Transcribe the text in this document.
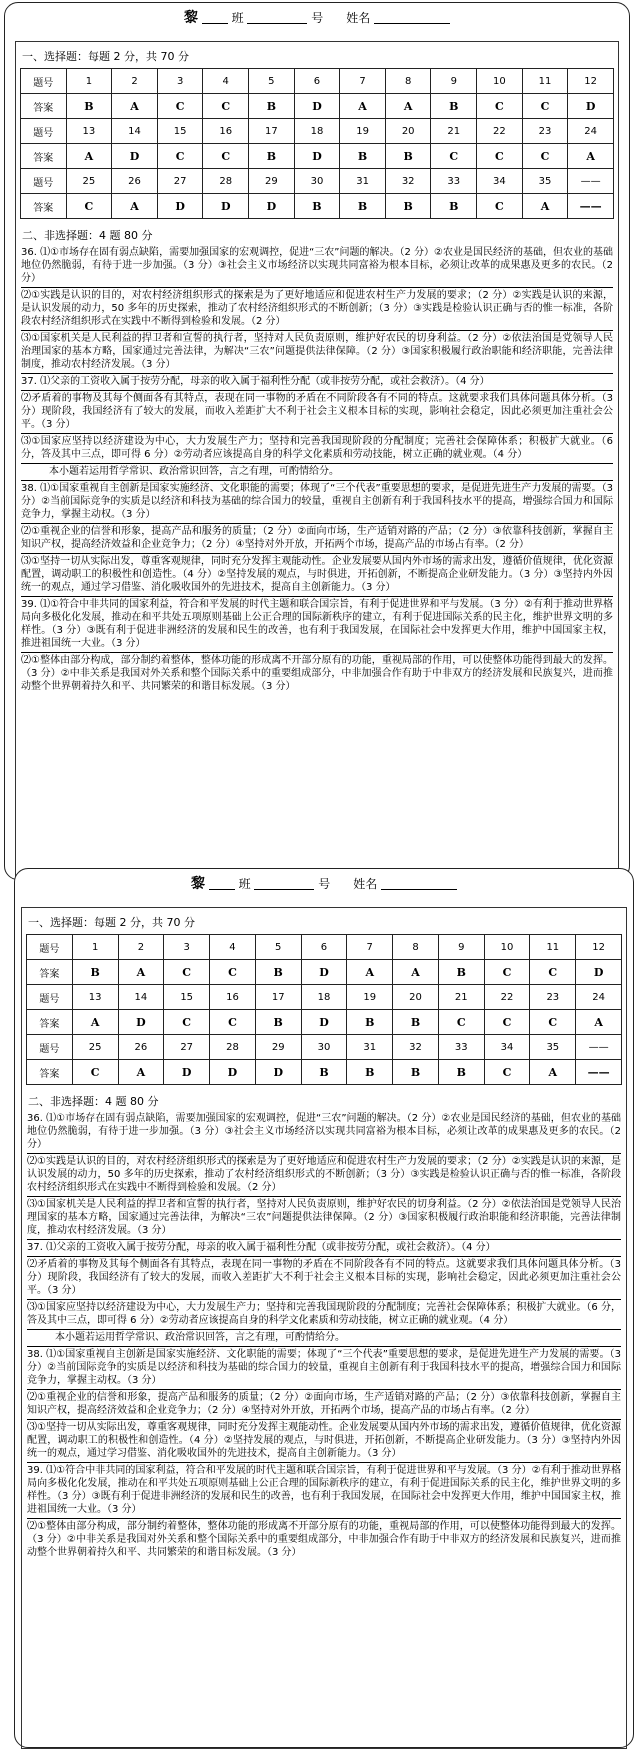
黎	班	号 姓名
一、选择题：每题 2 分，共 70 分
题号	1	2	3	4	5	6	7	8	9	10	11	12
答案	B	A	C	C	B	D	A	A	B	C	C	D
题号	13	14	15	16	17	18	19	20	21	22	23	24
答案	A	D	C	C	B	D	B	B	C	C	C	A
题号	25	26	27	28	29	30	31	32	33	34	35	——
答案	C	A	D	D	D	B	B	B	B	C	A	——
二、非选择题：4 题 80 分
36. ⑴①市场存在固有弱点缺陷，需要加强国家的宏观调控，促进“三农”问题的解决。（2 分）②农业是国民经济的基础，但农业的基础地位仍然脆弱，有待于进一步加强。（3 分）③社会主义市场经济以实现共同富裕为根本目标，必须让改革的成果惠及更多的农民。（2 分）
⑵①实践是认识的目的，对农村经济组织形式的探索是为了更好地适应和促进农村生产力发展的要求；（2 分）②实践是认识的来源，是认识发展的动力，50 多年的历史探索，推动了农村经济组织形式的不断创新；（3 分）③实践是检验认识正确与否的惟一标准，各阶段农村经济组织形式在实践中不断得到检验和发展。（2 分）
⑶①国家机关是人民利益的捍卫者和宣誓的执行者，坚持对人民负责原则，维护好农民的切身利益。（2 分）②依法治国是党领导人民治理国家的基本方略，国家通过完善法律，为解决“三农”问题提供法律保障。（2 分）③国家积极履行政治职能和经济职能，完善法律制度，推动农村经济发展。（3 分）
37. ⑴父亲的工资收入属于按劳分配，母亲的收入属于福利性分配（或非按劳分配，或社会救济）。（4 分）
⑵矛盾着的事物及其每个侧面各有其特点，表现在同一事物的矛盾在不同阶段各有不同的特点。这就要求我们具体问题具体分析。（3 分）现阶段，我国经济有了较大的发展，而收入差距扩大不利于社会主义根本目标的实现，影响社会稳定，因此必须更加注重社会公平。（3 分）
⑶①国家应坚持以经济建设为中心，大力发展生产力；坚持和完善我国现阶段的分配制度；完善社会保障体系；积极扩大就业。（6 分，答及其中三点，即可得 6 分）②劳动者应该提高自身的科学文化素质和劳动技能，树立正确的就业观。（4 分）
本小题若运用哲学常识、政治常识回答，言之有理，可酌情给分。
38. ⑴①国家重视自主创新是国家实施经济、文化职能的需要；体现了“三个代表”重要思想的要求，是促进先进生产力发展的需要。（3 分）②当前国际竞争的实质是以经济和科技为基础的综合国力的较量，重视自主创新有利于我国科技水平的提高，增强综合国力和国际竞争力，掌握主动权。（3 分）
⑵①重视企业的信誉和形象，提高产品和服务的质量；（2 分）②面向市场，生产适销对路的产品；（2 分）③依靠科技创新，掌握自主知识产权，提高经济效益和企业竞争力；（2 分）④坚持对外开放，开拓两个市场，提高产品的市场占有率。（2 分）
⑶①坚持一切从实际出发，尊重客观规律，同时充分发挥主观能动性。企业发展要从国内外市场的需求出发，遵循价值规律，优化资源配置，调动职工的积极性和创造性。（4 分）②坚持发展的观点，与时俱进，开拓创新，不断提高企业研发能力。（3 分）③坚持内外因统一的观点，通过学习借鉴、消化吸收国外的先进技术，提高自主创新能力。（3 分）
39. ⑴①符合中非共同的国家利益，符合和平发展的时代主题和联合国宗旨，有利于促进世界和平与发展。（3 分）②有利于推动世界格局向多极化化发展，推动在和平共处五项原则基础上公正合理的国际新秩序的建立，有利于促进国际关系的民主化，维护世界文明的多样性。（3 分）③既有利于促进非洲经济的发展和民生的改善，也有利于我国发展，在国际社会中发挥更大作用，维护中国国家主权，推进祖国统一大业。（3 分）
⑵①整体由部分构成，部分制约着整体，整体功能的形成离不开部分原有的功能，重视局部的作用，可以使整体功能得到最大的发挥。（3 分）②中非关系是我国对外关系和整个国际关系中的重要组成部分，中非加强合作有助于中非双方的经济发展和民族复兴，进而推动整个世界朝着持久和平、共同繁荣的和谐目标发展。（3 分）
黎	班	号 姓名
一、选择题：每题 2 分，共 70 分
题号	1	2	3	4	5	6	7	8	9	10	11	12
答案	B	A	C	C	B	D	A	A	B	C	C	D
题号	13	14	15	16	17	18	19	20	21	22	23	24
答案	A	D	C	C	B	D	B	B	C	C	C	A
题号	25	26	27	28	29	30	31	32	33	34	35	——
答案	C	A	D	D	D	B	B	B	B	C	A	——
二、非选择题：4 题 80 分
36. ⑴①市场存在固有弱点缺陷，需要加强国家的宏观调控，促进“三农”问题的解决。（2 分）②农业是国民经济的基础，但农业的基础地位仍然脆弱，有待于进一步加强。（3 分）③社会主义市场经济以实现共同富裕为根本目标，必须让改革的成果惠及更多的农民。（2 分）
⑵①实践是认识的目的，对农村经济组织形式的探索是为了更好地适应和促进农村生产力发展的要求；（2 分）②实践是认识的来源，是认识发展的动力，50 多年的历史探索，推动了农村经济组织形式的不断创新；（3 分）③实践是检验认识正确与否的惟一标准，各阶段农村经济组织形式在实践中不断得到检验和发展。（2 分）
⑶①国家机关是人民利益的捍卫者和宣誓的执行者，坚持对人民负责原则，维护好农民的切身利益。（2 分）②依法治国是党领导人民治理国家的基本方略，国家通过完善法律，为解决“三农”问题提供法律保障。（2 分）③国家积极履行政治职能和经济职能，完善法律制度，推动农村经济发展。（3 分）
37. ⑴父亲的工资收入属于按劳分配，母亲的收入属于福利性分配（或非按劳分配，或社会救济）。（4 分）
⑵矛盾着的事物及其每个侧面各有其特点，表现在同一事物的矛盾在不同阶段各有不同的特点。这就要求我们具体问题具体分析。（3 分）现阶段，我国经济有了较大的发展，而收入差距扩大不利于社会主义根本目标的实现，影响社会稳定，因此必须更加注重社会公平。（3 分）
⑶①国家应坚持以经济建设为中心，大力发展生产力；坚持和完善我国现阶段的分配制度；完善社会保障体系；积极扩大就业。（6 分，答及其中三点，即可得 6 分）②劳动者应该提高自身的科学文化素质和劳动技能，树立正确的就业观。（4 分）
本小题若运用哲学常识、政治常识回答，言之有理，可酌情给分。
38. ⑴①国家重视自主创新是国家实施经济、文化职能的需要；体现了“三个代表”重要思想的要求，是促进先进生产力发展的需要。（3 分）②当前国际竞争的实质是以经济和科技为基础的综合国力的较量，重视自主创新有利于我国科技水平的提高，增强综合国力和国际竞争力，掌握主动权。（3 分）
⑵①重视企业的信誉和形象，提高产品和服务的质量；（2 分）②面向市场，生产适销对路的产品；（2 分）③依靠科技创新，掌握自主知识产权，提高经济效益和企业竞争力；（2 分）④坚持对外开放，开拓两个市场，提高产品的市场占有率。（2 分）
⑶①坚持一切从实际出发，尊重客观规律，同时充分发挥主观能动性。企业发展要从国内外市场的需求出发，遵循价值规律，优化资源配置，调动职工的积极性和创造性。（4 分）②坚持发展的观点，与时俱进，开拓创新，不断提高企业研发能力。（3 分）③坚持内外因统一的观点，通过学习借鉴、消化吸收国外的先进技术，提高自主创新能力。（3 分）
39. ⑴①符合中非共同的国家利益，符合和平发展的时代主题和联合国宗旨，有利于促进世界和平与发展。（3 分）②有利于推动世界格局向多极化化发展，推动在和平共处五项原则基础上公正合理的国际新秩序的建立，有利于促进国际关系的民主化，维护世界文明的多样性。（3 分）③既有利于促进非洲经济的发展和民生的改善，也有利于我国发展，在国际社会中发挥更大作用，维护中国国家主权，推进祖国统一大业。（3 分）
⑵①整体由部分构成，部分制约着整体，整体功能的形成离不开部分原有的功能，重视局部的作用，可以使整体功能得到最大的发挥。（3 分）②中非关系是我国对外关系和整个国际关系中的重要组成部分，中非加强合作有助于中非双方的经济发展和民族复兴，进而推动整个世界朝着持久和平、共同繁荣的和谐目标发展。（3 分）
